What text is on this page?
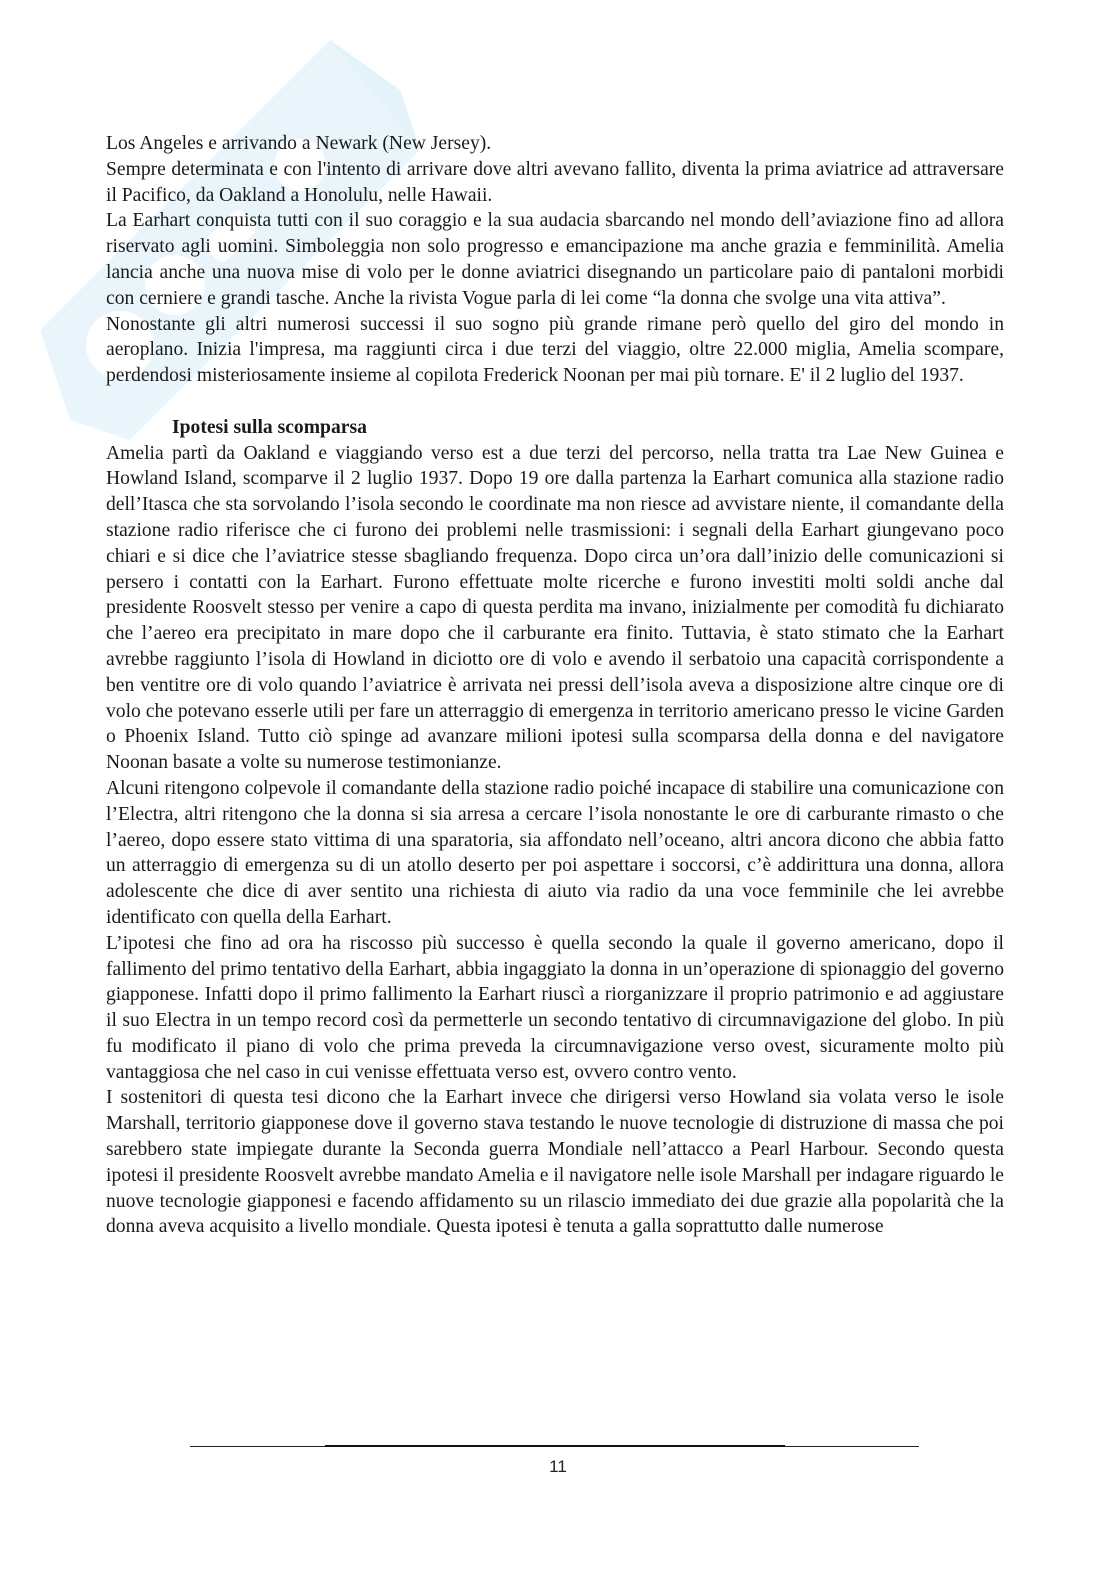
Los Angeles e arrivando a Newark (New Jersey).

Sempre determinata e con l'intento di arrivare dove altri avevano fallito, diventa la prima aviatrice ad attraversare il Pacifico, da Oakland a Honolulu, nelle Hawaii.

La Earhart conquista tutti con il suo coraggio e la sua audacia sbarcando nel mondo dell’aviazione fino ad allora riservato agli uomini. Simboleggia non solo progresso e emancipazione ma anche grazia e femminilità. Amelia lancia anche una nuova mise di volo per le donne aviatrici disegnando un particolare paio di pantaloni morbidi con cerniere e grandi tasche. Anche la rivista Vogue parla di lei come “la donna che svolge una vita attiva”.

Nonostante gli altri numerosi successi il suo sogno più grande rimane però quello del giro del mondo in aeroplano. Inizia l'impresa, ma raggiunti circa i due terzi del viaggio, oltre 22.000 miglia, Amelia scompare, perdendosi misteriosamente insieme al copilota Frederick Noonan per mai più tornare. E' il 2 luglio del 1937.

Ipotesi sulla scomparsa

Amelia partì da Oakland e viaggiando verso est a due terzi del percorso, nella tratta tra Lae New Guinea e Howland Island, scomparve il 2 luglio 1937. Dopo 19 ore dalla partenza la Earhart comunica alla stazione radio dell’Itasca che sta sorvolando l’isola secondo le coordinate ma non riesce ad avvistare niente, il comandante della stazione radio riferisce che ci furono dei problemi nelle trasmissioni: i segnali della Earhart giungevano poco chiari e si dice che l’aviatrice stesse sbagliando frequenza. Dopo circa un’ora dall’inizio delle comunicazioni si persero i contatti con la Earhart. Furono effettuate molte ricerche e furono investiti molti soldi anche dal presidente Roosvelt stesso per venire a capo di questa perdita ma invano, inizialmente per comodità fu dichiarato che l’aereo era precipitato in mare dopo che il carburante era finito. Tuttavia, è stato stimato che la Earhart avrebbe raggiunto l’isola di Howland in diciotto ore di volo e avendo il serbatoio una capacità corrispondente a ben ventitre ore di volo quando l’aviatrice è arrivata nei pressi dell’isola aveva a disposizione altre cinque ore di volo che potevano esserle utili per fare un atterraggio di emergenza in territorio americano presso le vicine Garden o Phoenix Island. Tutto ciò spinge ad avanzare milioni ipotesi sulla scomparsa della donna e del navigatore Noonan basate a volte su numerose testimonianze.

Alcuni ritengono colpevole il comandante della stazione radio poiché incapace di stabilire una comunicazione con l’Electra, altri ritengono che la donna si sia arresa a cercare l’isola nonostante le ore di carburante rimasto o che l’aereo, dopo essere stato vittima di una sparatoria, sia affondato nell’oceano, altri ancora dicono che abbia fatto un atterraggio di emergenza su di un atollo deserto per poi aspettare i soccorsi, c’è addirittura una donna, allora adolescente che dice di aver sentito una richiesta di aiuto via radio da una voce femminile che lei avrebbe identificato con quella della Earhart.

L’ipotesi che fino ad ora ha riscosso più successo è quella secondo la quale il governo americano, dopo il fallimento del primo tentativo della Earhart, abbia ingaggiato la donna in un’operazione di spionaggio del governo giapponese. Infatti dopo il primo fallimento la Earhart riuscì a riorganizzare il proprio patrimonio e ad aggiustare il suo Electra in un tempo record così da permetterle un secondo tentativo di circumnavigazione del globo. In più fu modificato il piano di volo che prima preveda la circumnavigazione verso ovest, sicuramente molto più vantaggiosa che nel caso in cui venisse effettuata verso est, ovvero contro vento.

I sostenitori di questa tesi dicono che la Earhart invece che dirigersi verso Howland sia volata verso le isole Marshall, territorio giapponese dove il governo stava testando le nuove tecnologie di distruzione di massa che poi sarebbero state impiegate durante la Seconda guerra Mondiale nell’attacco a Pearl Harbour. Secondo questa ipotesi il presidente Roosvelt avrebbe mandato Amelia e il navigatore nelle isole Marshall per indagare riguardo le nuove tecnologie giapponesi e facendo affidamento su un rilascio immediato dei due grazie alla popolarità che la donna aveva acquisito a livello mondiale. Questa ipotesi è tenuta a galla soprattutto dalle numerose

11
